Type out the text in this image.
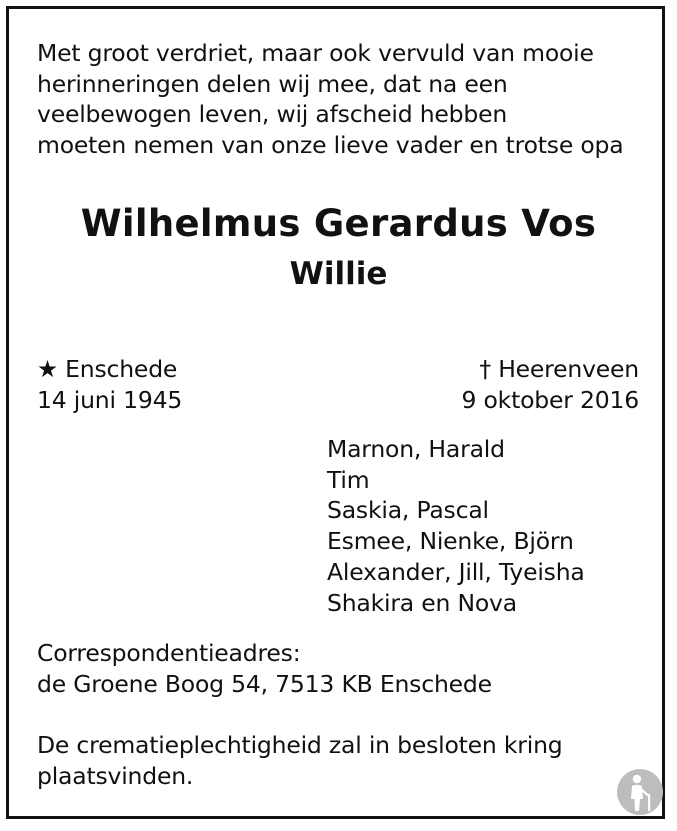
Met groot verdriet, maar ook vervuld van mooie
herinneringen delen wij mee, dat na een
veelbewogen leven, wij afscheid hebben
moeten nemen van onze lieve vader en trotse opa
Wilhelmus Gerardus Vos
Willie
★ Enschede
14 juni 1945
† Heerenveen
9 oktober 2016
Marnon, Harald
Tim
Saskia, Pascal
Esmee, Nienke, Björn
Alexander, Jill, Tyeisha
Shakira en Nova
Correspondentieadres:
de Groene Boog 54, 7513 KB Enschede
De crematieplechtigheid zal in besloten kring
plaatsvinden.
